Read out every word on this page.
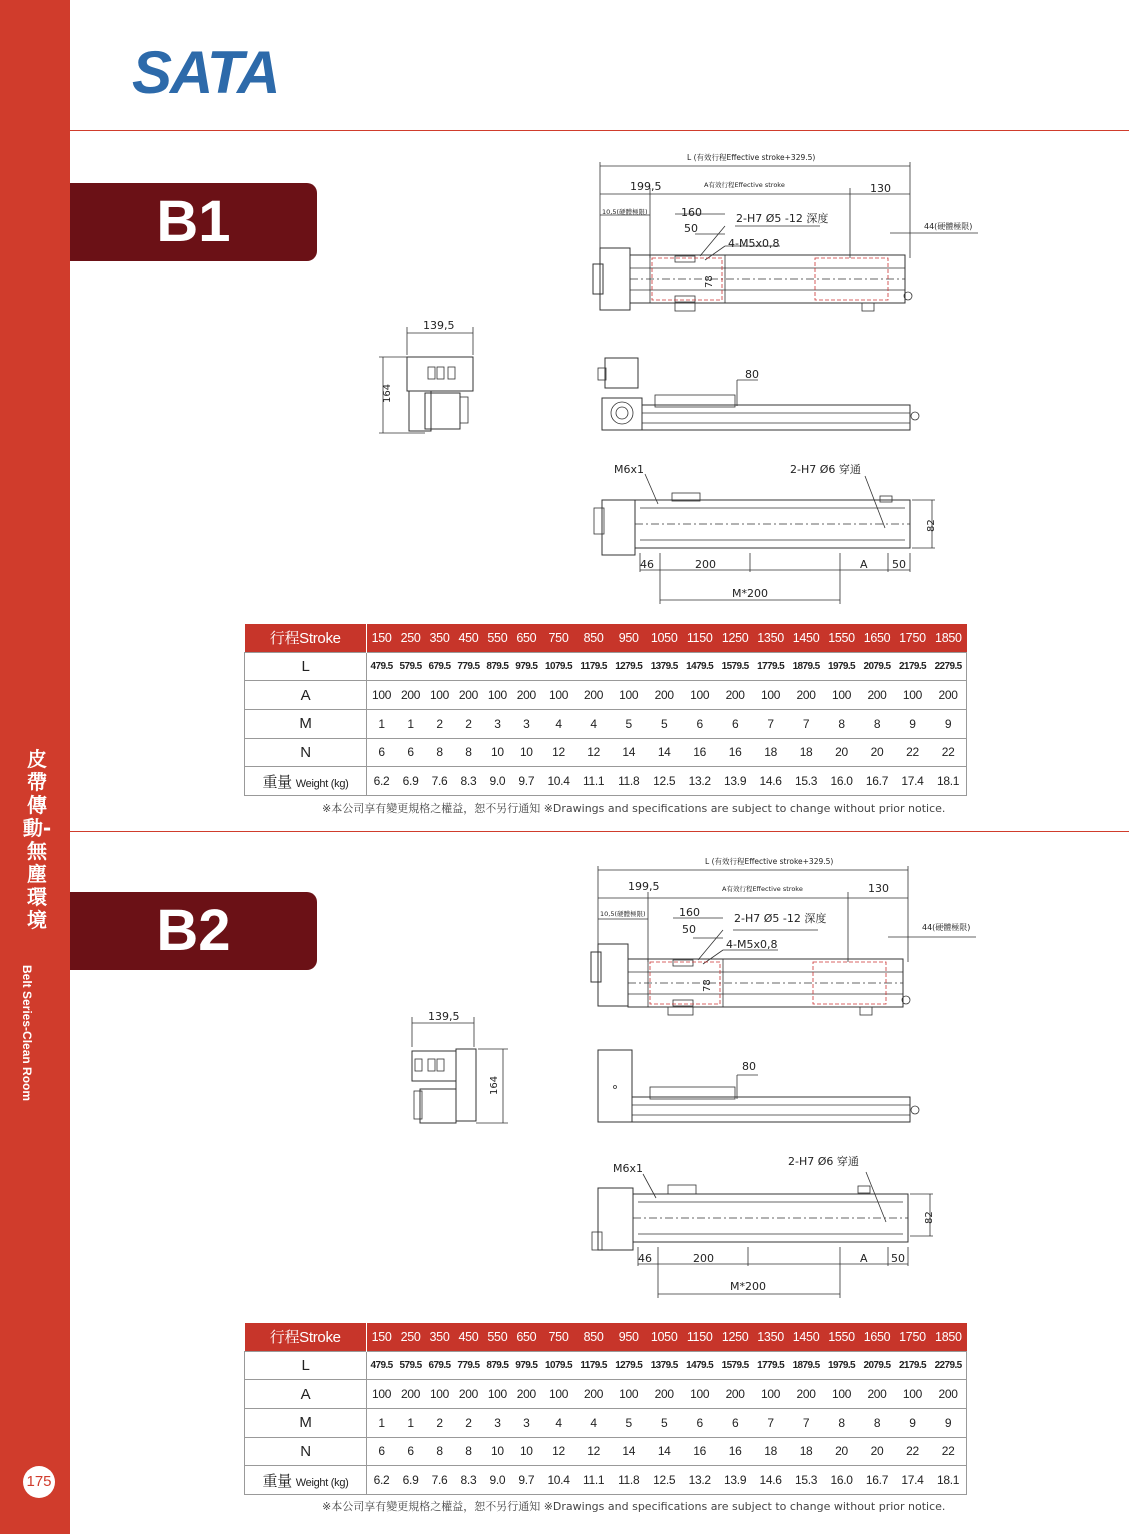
皮帶傳動-無塵環境
Belt Series-Clean Room
175
SATA
B1
B2
L (有效行程Effective stroke+329.5)
A有效行程Effective stroke
199,5	130
10,5(硬體極限)	160
50
2-H7 Ø5 -12 深度
4-M5x0,8
44(硬體極限)
78
139,5
164
80
M6x1	2-H7 Ø6 穿通
82
46	200	A 50
M*200
行程Stroke	150	250	350	450	550	650	750	850	950	1050	1150	1250	1350	1450	1550	1650	1750	1850
L	479.5	579.5	679.5	779.5	879.5	979.5	1079.5	1179.5	1279.5	1379.5	1479.5	1579.5	1779.5	1879.5	1979.5	2079.5	2179.5	2279.5
A	100	200	100	200	100	200	100	200	100	200	100	200	100	200	100	200	100	200
M	1	1	2	2	3	3	4	4	5	5	6	6	7	7	8	8	9	9
N	6	6	8	8	10	10	12	12	14	14	16	16	18	18	20	20	22	22
重量 Weight (kg)	6.2	6.9	7.6	8.3	9.0	9.7	10.4	11.1	11.8	12.5	13.2	13.9	14.6	15.3	16.0	16.7	17.4	18.1
※本公司享有變更規格之權益，恕不另行通知 ※Drawings and specifications are subject to change without prior notice.
L (有效行程Effective stroke+329.5)
A有效行程Effective stroke
199,5	130
10,5(硬體極限)	160
50
2-H7 Ø5 -12 深度
4-M5x0,8
44(硬體極限)
78
139,5
164
80
M6x1
2-H7 Ø6 穿通
82
46	200	A 50
M*200
行程Stroke	150	250	350	450	550	650	750	850	950	1050	1150	1250	1350	1450	1550	1650	1750	1850
L	479.5	579.5	679.5	779.5	879.5	979.5	1079.5	1179.5	1279.5	1379.5	1479.5	1579.5	1779.5	1879.5	1979.5	2079.5	2179.5	2279.5
A	100	200	100	200	100	200	100	200	100	200	100	200	100	200	100	200	100	200
M	1	1	2	2	3	3	4	4	5	5	6	6	7	7	8	8	9	9
N	6	6	8	8	10	10	12	12	14	14	16	16	18	18	20	20	22	22
重量 Weight (kg)	6.2	6.9	7.6	8.3	9.0	9.7	10.4	11.1	11.8	12.5	13.2	13.9	14.6	15.3	16.0	16.7	17.4	18.1
※本公司享有變更規格之權益，恕不另行通知 ※Drawings and specifications are subject to change without prior notice.
